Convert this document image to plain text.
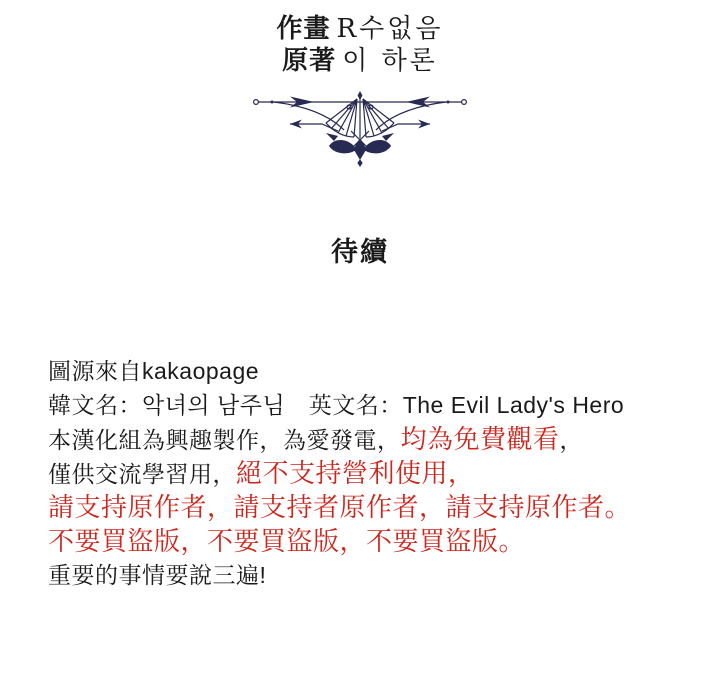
作畫 R수없음
原著 이 하론
待續
圖源來自kakaopage
韓文名：악녀의 남주님　英文名：The Evil Lady's Hero
本漢化組為興趣製作，為愛發電，均為免費觀看，
僅供交流學習用，絕不支持營利使用，
請支持原作者，請支持者原作者，請支持原作者。
不要買盜版，不要買盜版，不要買盜版。
重要的事情要說三遍!
